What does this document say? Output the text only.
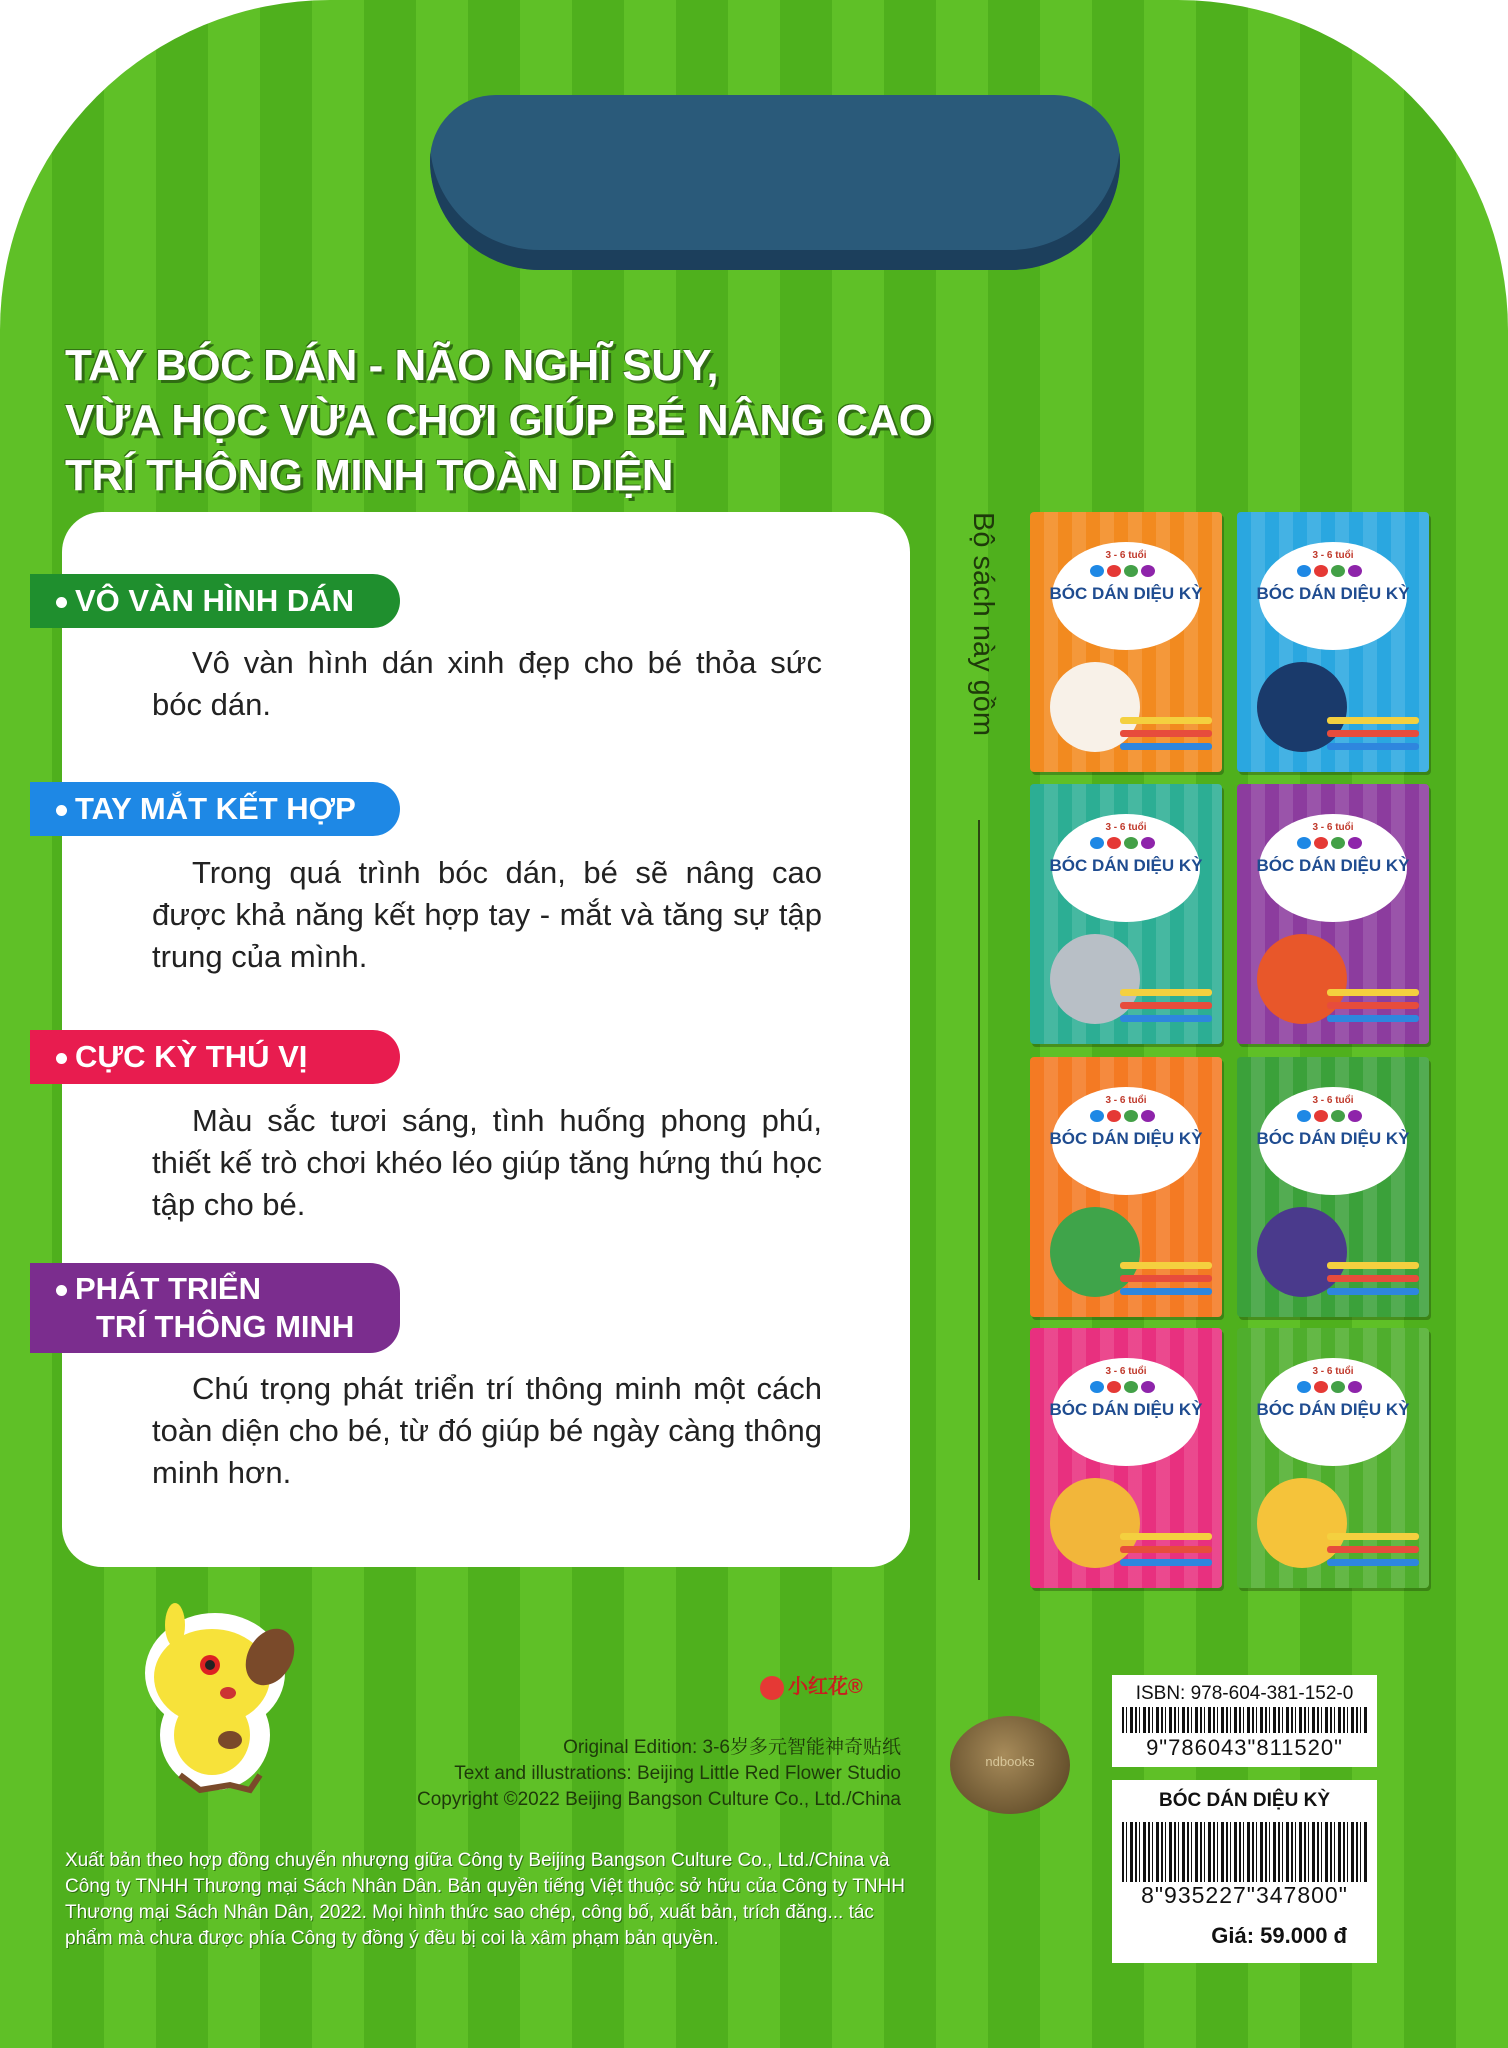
TAY BÓC DÁN - NÃO NGHĨ SUY,
VỪA HỌC VỪA CHƠI GIÚP BÉ NÂNG CAO
TRÍ THÔNG MINH TOÀN DIỆN
VÔ VÀN HÌNH DÁN
Vô vàn hình dán xinh đẹp cho bé thỏa sức bóc dán.
TAY MẮT KẾT HỢP
Trong quá trình bóc dán, bé sẽ nâng cao được khả năng kết hợp tay - mắt và tăng sự tập trung của mình.
CỰC KỲ THÚ VỊ
Màu sắc tươi sáng, tình huống phong phú, thiết kế trò chơi khéo léo giúp tăng hứng thú học tập cho bé.
PHÁT TRIỂN
TRÍ THÔNG MINH
Chú trọng phát triển trí thông minh một cách toàn diện cho bé, từ đó giúp bé ngày càng thông minh hơn.
Bộ sách này gồm	3 - 6 tuổi
BÓC DÁN DIỆU KỲ
3 - 6 tuổi
BÓC DÁN DIỆU KỲ
3 - 6 tuổi
BÓC DÁN DIỆU KỲ
3 - 6 tuổi
BÓC DÁN DIỆU KỲ
3 - 6 tuổi
BÓC DÁN DIỆU KỲ
3 - 6 tuổi
BÓC DÁN DIỆU KỲ
3 - 6 tuổi
BÓC DÁN DIỆU KỲ
3 - 6 tuổi
BÓC DÁN DIỆU KỲ
小红花®
Original Edition: 3-6岁多元智能神奇贴纸
Text and illustrations: Beijing Little Red Flower Studio
Copyright ©2022 Beijing Bangson Culture Co., Ltd./China
ndbooks
Xuất bản theo hợp đồng chuyển nhượng giữa Công ty Beijing Bangson Culture Co., Ltd./China và Công ty TNHH Thương mại Sách Nhân Dân. Bản quyền tiếng Việt thuộc sở hữu của Công ty TNHH Thương mại Sách Nhân Dân, 2022. Mọi hình thức sao chép, công bố, xuất bản, trích đăng... tác phẩm mà chưa được phía Công ty đồng ý đều bị coi là xâm phạm bản quyền.
ISBN: 978-604-381-152-0
9"786043"811520"
BÓC DÁN DIỆU KỲ
8"935227"347800"
Giá: 59.000 đ
